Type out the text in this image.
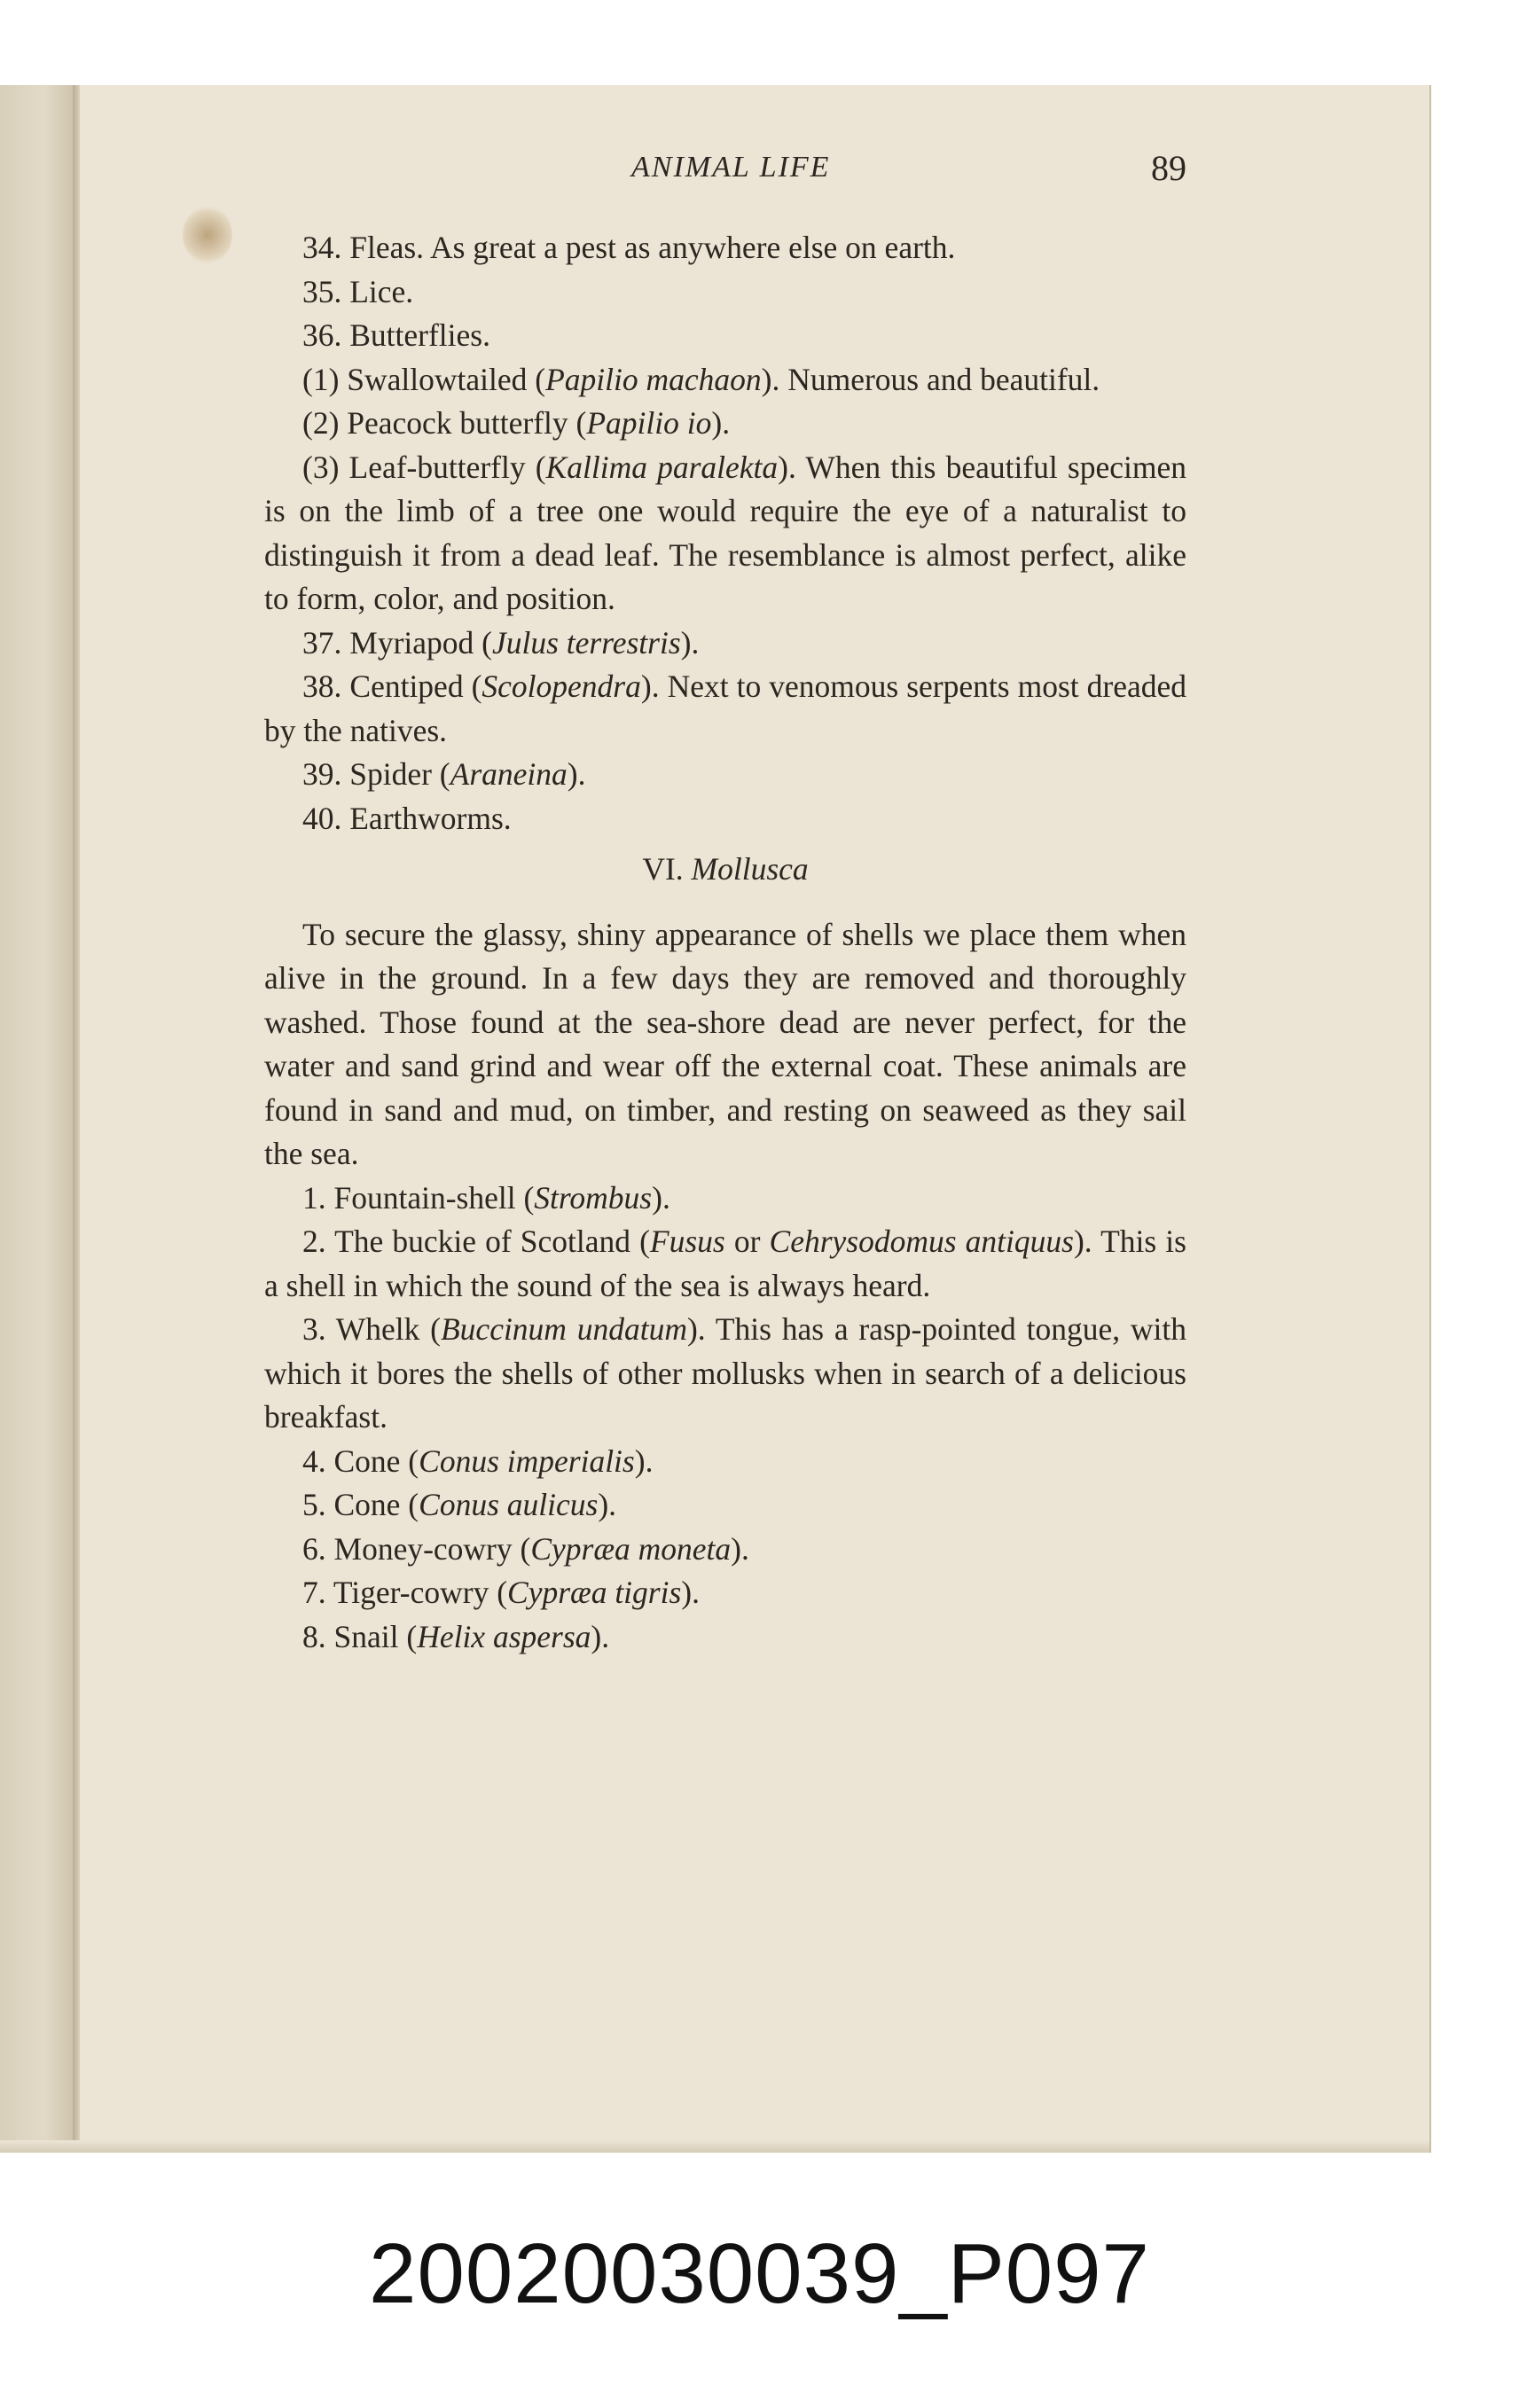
ANIMAL LIFE	89

34. Fleas. As great a pest as anywhere else on earth.

35. Lice.

36. Butterflies.

(1) Swallowtailed (Papilio machaon). Numerous and beautiful.

(2) Peacock butterfly (Papilio io).

(3) Leaf-butterfly (Kallima paralekta). When this beautiful specimen is on the limb of a tree one would require the eye of a naturalist to distinguish it from a dead leaf. The resemblance is almost perfect, alike to form, color, and position.

37. Myriapod (Julus terrestris).

38. Centiped (Scolopendra). Next to venomous serpents most dreaded by the natives.

39. Spider (Araneina).

40. Earthworms.

VI. Mollusca

To secure the glassy, shiny appearance of shells we place them when alive in the ground. In a few days they are removed and thoroughly washed. Those found at the sea-shore dead are never perfect, for the water and sand grind and wear off the external coat. These animals are found in sand and mud, on timber, and resting on seaweed as they sail the sea.

1. Fountain-shell (Strombus).

2. The buckie of Scotland (Fusus or Cehrysodomus antiquus). This is a shell in which the sound of the sea is always heard.

3. Whelk (Buccinum undatum). This has a rasp-pointed tongue, with which it bores the shells of other mollusks when in search of a delicious breakfast.

4. Cone (Conus imperialis).

5. Cone (Conus aulicus).

6. Money-cowry (Cypræa moneta).

7. Tiger-cowry (Cypræa tigris).

8. Snail (Helix aspersa).

20020030039_P097
